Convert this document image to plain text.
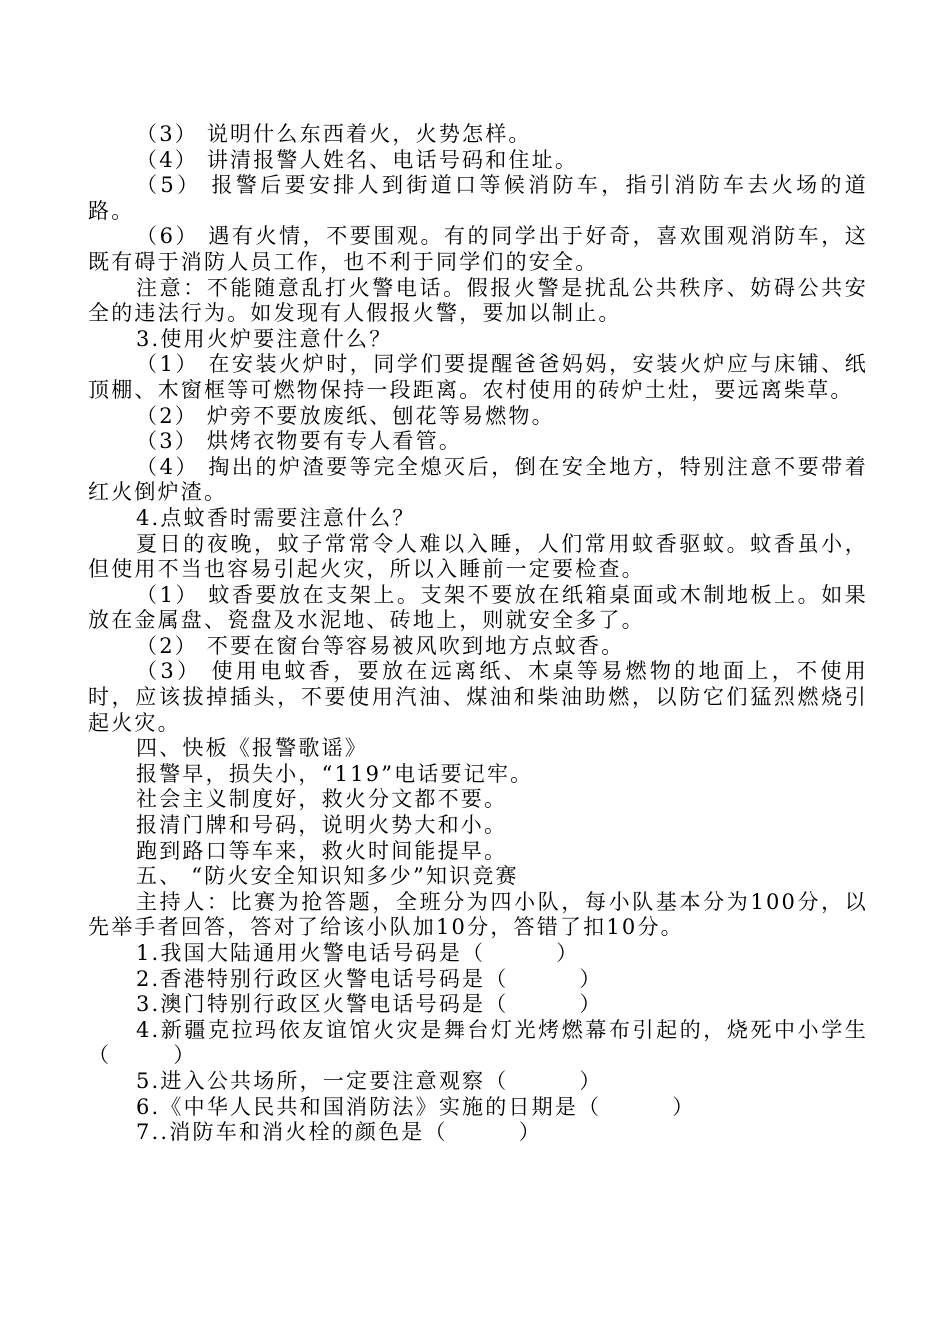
（3） 说明什么东西着火，火势怎样。

（4） 讲清报警人姓名、电话号码和住址。

（5） 报警后要安排人到街道口等候消防车，指引消防车去火场的道路。

（6） 遇有火情，不要围观。有的同学出于好奇，喜欢围观消防车，这既有碍于消防人员工作，也不利于同学们的安全。

注意：不能随意乱打火警电话。假报火警是扰乱公共秩序、妨碍公共安全的违法行为。如发现有人假报火警，要加以制止。

3.使用火炉要注意什么？

（1） 在安装火炉时，同学们要提醒爸爸妈妈，安装火炉应与床铺、纸顶棚、木窗框等可燃物保持一段距离。农村使用的砖炉土灶，要远离柴草。

（2） 炉旁不要放废纸、刨花等易燃物。

（3） 烘烤衣物要有专人看管。

（4） 掏出的炉渣要等完全熄灭后，倒在安全地方，特别注意不要带着红火倒炉渣。

4.点蚊香时需要注意什么？

夏日的夜晚，蚊子常常令人难以入睡，人们常用蚊香驱蚊。蚊香虽小，但使用不当也容易引起火灾，所以入睡前一定要检查。

（1） 蚊香要放在支架上。支架不要放在纸箱桌面或木制地板上。如果放在金属盘、瓷盘及水泥地、砖地上，则就安全多了。

（2） 不要在窗台等容易被风吹到地方点蚊香。

（3） 使用电蚊香，要放在远离纸、木桌等易燃物的地面上，不使用时，应该拔掉插头，不要使用汽油、煤油和柴油助燃，以防它们猛烈燃烧引起火灾。

四、快板《报警歌谣》

报警早，损失小，“119”电话要记牢。

社会主义制度好，救火分文都不要。

报清门牌和号码，说明火势大和小。

跑到路口等车来，救火时间能提早。

五、 “防火安全知识知多少”知识竞赛

主持人：比赛为抢答题，全班分为四小队，每小队基本分为100分，以先举手者回答，答对了给该小队加10分，答错了扣10分。

1.我国大陆通用火警电话号码是（        ）

2.香港特别行政区火警电话号码是（        ）

3.澳门特别行政区火警电话号码是（        ）

4.新疆克拉玛依友谊馆火灾是舞台灯光烤燃幕布引起的，烧死中小学生（       ）

5.进入公共场所，一定要注意观察（        ）

6.《中华人民共和国消防法》实施的日期是（        ）

7..消防车和消火栓的颜色是（        ）
